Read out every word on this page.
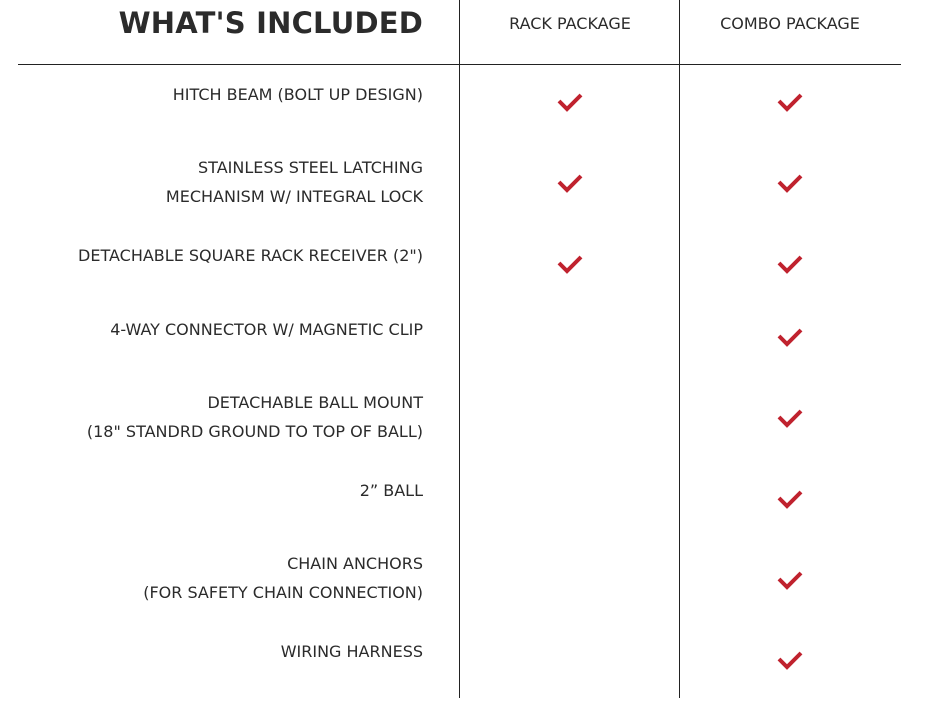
WHAT'S INCLUDED	RACK PACKAGE	COMBO PACKAGE
HITCH BEAM (BOLT UP DESIGN)
STAINLESS STEEL LATCHING
MECHANISM W/ INTEGRAL LOCK
DETACHABLE SQUARE RACK RECEIVER (2")
4-WAY CONNECTOR W/ MAGNETIC CLIP
DETACHABLE BALL MOUNT
(18" STANDRD GROUND TO TOP OF BALL)
2” BALL
CHAIN ANCHORS
(FOR SAFETY CHAIN CONNECTION)
WIRING HARNESS
